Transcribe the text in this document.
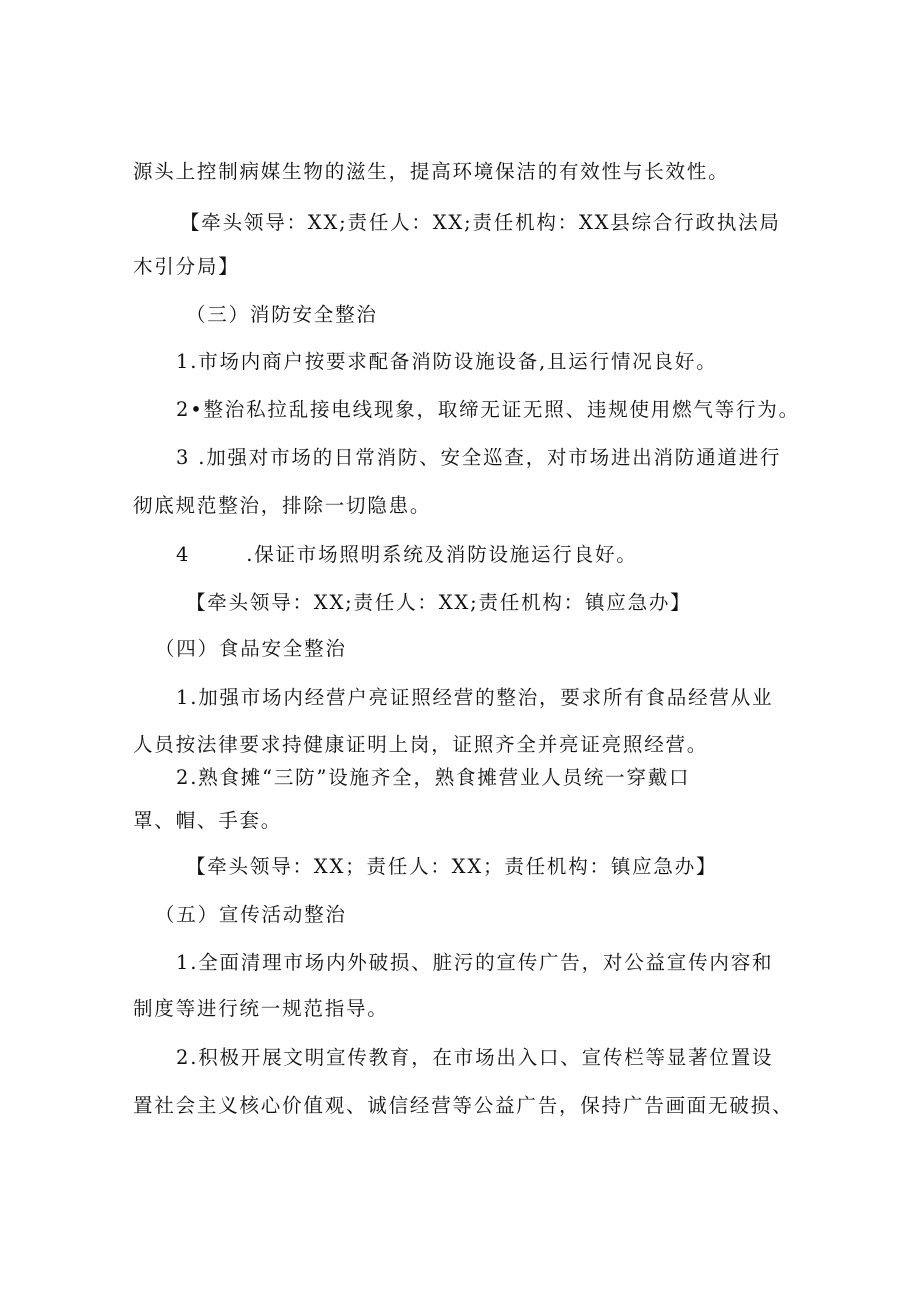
源头上控制病媒生物的滋生，提高环境保洁的有效性与长效性。
【牵头领导：XX;责任人：XX;责任机构：XX县综合行政执法局
木引分局】
（三）消防安全整治
1.市场内商户按要求配备消防设施设备,且运行情况良好。
2•整治私拉乱接电线现象，取缔无证无照、违规使用燃气等行为。
3 .加强对市场的日常消防、安全巡查，对市场进出消防通道进行
彻底规范整治，排除一切隐患。
4       .保证市场照明系统及消防设施运行良好。
【牵头领导：XX;责任人：XX;责任机构：镇应急办】
（四）食品安全整治
1.加强市场内经营户亮证照经营的整治，要求所有食品经营从业
人员按法律要求持健康证明上岗，证照齐全并亮证亮照经营。
2.熟食摊“三防”设施齐全，熟食摊营业人员统一穿戴口
罩、帽、手套。
【牵头领导：XX；责任人：XX；责任机构：镇应急办】
（五）宣传活动整治
1.全面清理市场内外破损、脏污的宣传广告，对公益宣传内容和
制度等进行统一规范指导。
2.积极开展文明宣传教育，在市场出入口、宣传栏等显著位置设
置社会主义核心价值观、诚信经营等公益广告，保持广告画面无破损、
